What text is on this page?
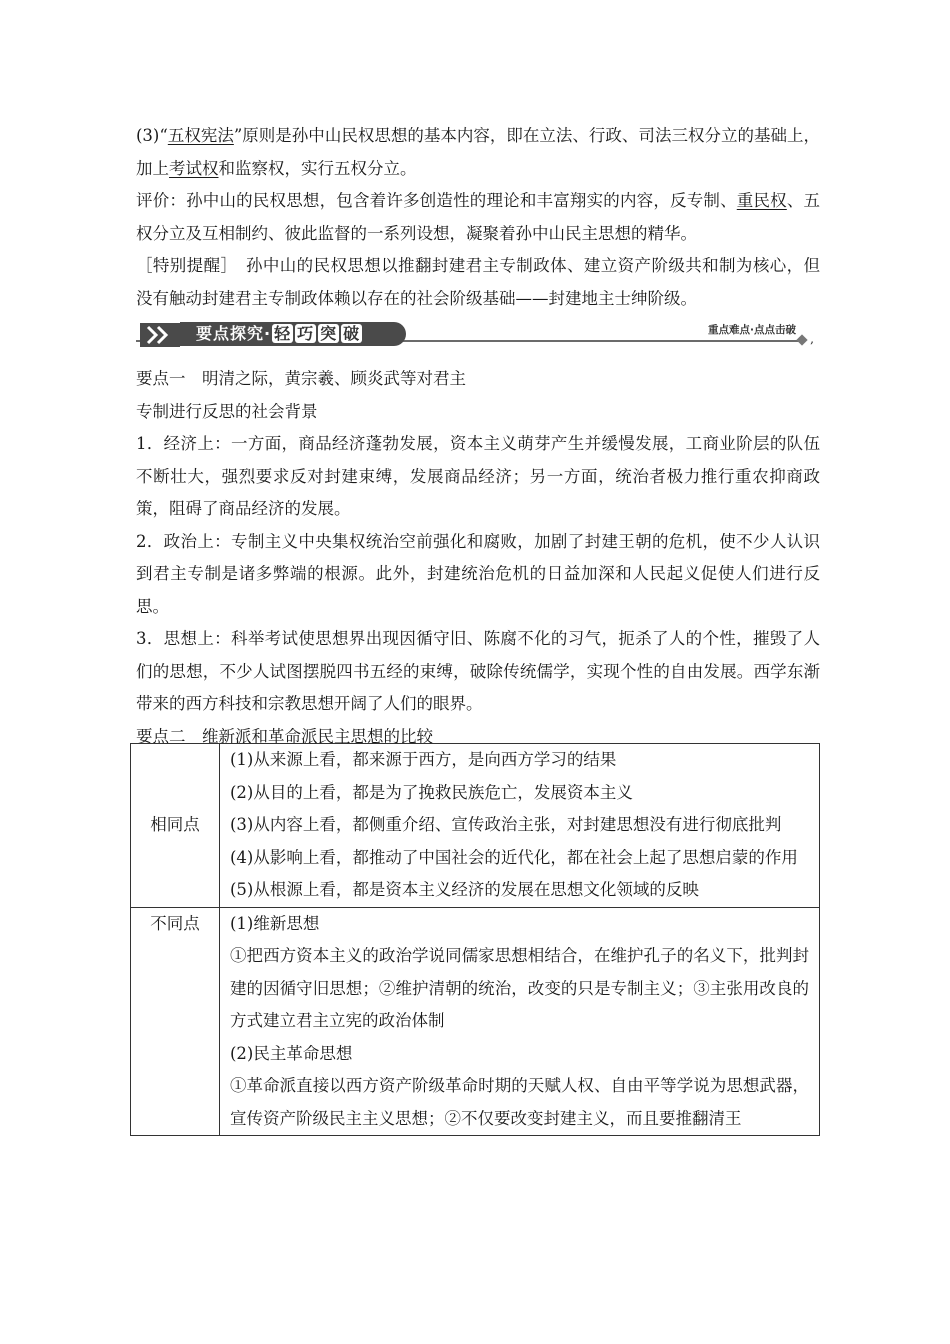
(3)“五权宪法”原则是孙中山民权思想的基本内容，即在立法、行政、司法三权分立的基础上，加上考试权和监察权，实行五权分立。

评价：孙中山的民权思想，包含着许多创造性的理论和丰富翔实的内容，反专制、重民权、五权分立及互相制约、彼此监督的一系列设想，凝聚着孙中山民主思想的精华。

［特别提醒］　孙中山的民权思想以推翻封建君主专制政体、建立资产阶级共和制为核心，但没有触动封建君主专制政体赖以存在的社会阶级基础——封建地主士绅阶级。

要点探究· 轻 巧 突 破	重点难点·点点击破
,

要点一　明清之际，黄宗羲、顾炎武等对君主

专制进行反思的社会背景

1．经济上：一方面，商品经济蓬勃发展，资本主义萌芽产生并缓慢发展，工商业阶层的队伍不断壮大，强烈要求反对封建束缚，发展商品经济；另一方面，统治者极力推行重农抑商政策，阻碍了商品经济的发展。

2．政治上：专制主义中央集权统治空前强化和腐败，加剧了封建王朝的危机，使不少人认识到君主专制是诸多弊端的根源。此外，封建统治危机的日益加深和人民起义促使人们进行反思。

3．思想上：科举考试使思想界出现因循守旧、陈腐不化的习气，扼杀了人的个性，摧毁了人们的思想，不少人试图摆脱四书五经的束缚，破除传统儒学，实现个性的自由发展。西学东渐带来的西方科技和宗教思想开阔了人们的眼界。

要点二　维新派和革命派民主思想的比较

相同点	(1)从来源上看，都来源于西方，是向西方学习的结果
(2)从目的上看，都是为了挽救民族危亡，发展资本主义
(3)从内容上看，都侧重介绍、宣传政治主张，对封建思想没有进行彻底批判
(4)从影响上看，都推动了中国社会的近代化，都在社会上起了思想启蒙的作用
(5)从根源上看，都是资本主义经济的发展在思想文化领域的反映

不同点	(1)维新思想
①把西方资本主义的政治学说同儒家思想相结合，在维护孔子的名义下，批判封建的因循守旧思想；②维护清朝的统治，改变的只是专制主义；③主张用改良的方式建立君主立宪的政治体制
(2)民主革命思想
①革命派直接以西方资产阶级革命时期的天赋人权、自由平等学说为思想武器，宣传资产阶级民主主义思想；②不仅要改变封建主义，而且要推翻清王
